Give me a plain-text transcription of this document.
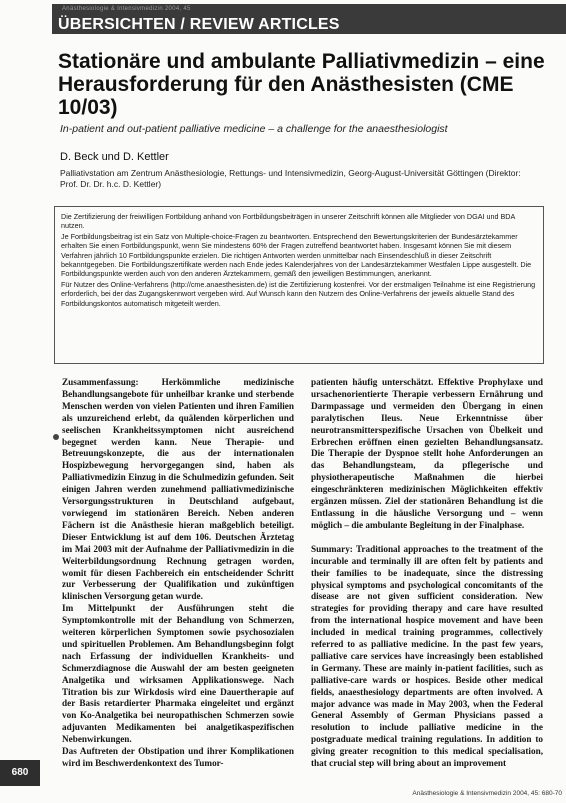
Anästhesiologie & Intensivmedizin 2004, 45
ÜBERSICHTEN / REVIEW ARTICLES
Stationäre und ambulante Palliativmedizin – eine Herausforderung für den Anästhesisten (CME 10/03)

In-patient and out-patient palliative medicine – a challenge for the anaesthesiologist

D. Beck und D. Kettler
Palliativstation am Zentrum Anästhesiologie, Rettungs- und Intensivmedizin, Georg-August-Universität Göttingen (Direktor: Prof. Dr. Dr. h.c. D. Kettler)

Die Zertifizierung der freiwilligen Fortbildung anhand von Fortbildungsbeiträgen in unserer Zeitschrift können alle Mitglieder von DGAI und BDA nutzen.

Je Fortbildungsbeitrag ist ein Satz von Multiple-choice-Fragen zu beantworten. Entsprechend den Bewertungskriterien der Bundesärztekammer erhalten Sie einen Fortbildungspunkt, wenn Sie mindestens 60% der Fragen zutreffend beantwortet haben. Insgesamt können Sie mit diesem Verfahren jährlich 10 Fortbildungspunkte erzielen. Die richtigen Antworten werden unmittelbar nach Einsendeschluß in dieser Zeitschrift bekanntgegeben. Die Fortbildungszertifikate werden nach Ende jedes Kalenderjahres von der Landesärztekammer Westfalen Lippe ausgestellt. Die Fortbildungspunkte werden auch von den anderen Ärztekammern, gemäß den jeweiligen Bestimmungen, anerkannt.

Für Nutzer des Online-Verfahrens (http://cme.anaesthesisten.de) ist die Zertifizierung kostenfrei. Vor der erstmaligen Teilnahme ist eine Registrierung erforderlich, bei der das Zugangskennwort vergeben wird. Auf Wunsch kann den Nutzern des Online-Verfahrens der jeweils aktuelle Stand des Fortbildungskontos automatisch mitgeteilt werden.

Zusammenfassung: Herkömmliche medizinische Behandlungsangebote für unheilbar kranke und sterbende Menschen werden von vielen Patienten und ihren Familien als unzureichend erlebt, da quälenden körperlichen und seelischen Krankheitssymptomen nicht ausreichend begegnet werden kann. Neue Therapie- und Betreuungskonzepte, die aus der internationalen Hospizbewegung hervorgegangen sind, haben als Palliativmedizin Einzug in die Schulmedizin gefunden. Seit einigen Jahren werden zunehmend palliativmedizinische Versorgungsstrukturen in Deutschland aufgebaut, vorwiegend im stationären Bereich. Neben anderen Fächern ist die Anästhesie hieran maßgeblich beteiligt. Dieser Entwicklung ist auf dem 106. Deutschen Ärztetag im Mai 2003 mit der Aufnahme der Palliativmedizin in die Weiterbildungsordnung Rechnung getragen worden, womit für diesen Fachbereich ein entscheidender Schritt zur Verbesserung der Qualifikation und zukünftigen klinischen Versorgung getan wurde.

Im Mittelpunkt der Ausführungen steht die Symptomkontrolle mit der Behandlung von Schmerzen, weiteren körperlichen Symptomen sowie psychosozialen und spirituellen Problemen. Am Behandlungsbeginn folgt nach Erfassung der individuellen Krankheits- und Schmerzdiagnose die Auswahl der am besten geeigneten Analgetika und wirksamen Applikationswege. Nach Titration bis zur Wirkdosis wird eine Dauertherapie auf der Basis retardierter Pharmaka eingeleitet und ergänzt von Ko-Analgetika bei neuropathischen Schmerzen sowie adjuvanten Medikamenten bei analgetikaspezifischen Nebenwirkungen.

Das Auftreten der Obstipation und ihrer Komplikationen wird im Beschwerdenkontext des Tumor-

patienten häufig unterschätzt. Effektive Prophylaxe und ursachenorientierte Therapie verbessern Ernährung und Darmpassage und vermeiden den Übergang in einen paralytischen Ileus. Neue Erkenntnisse über neurotransmitterspezifische Ursachen von Übelkeit und Erbrechen eröffnen einen gezielten Behandlungsansatz. Die Therapie der Dyspnoe stellt hohe Anforderungen an das Behandlungsteam, da pflegerische und physiotherapeutische Maßnahmen die hierbei eingeschränkteren medizinischen Möglichkeiten effektiv ergänzen müssen. Ziel der stationären Behandlung ist die Entlassung in die häusliche Versorgung und – wenn möglich – die ambulante Begleitung in der Finalphase.

Summary: Traditional approaches to the treatment of the incurable and terminally ill are often felt by patients and their families to be inadequate, since the distressing physical symptoms and psychological concomitants of the disease are not given sufficient consideration. New strategies for providing therapy and care have resulted from the international hospice movement and have been included in medical training programmes, collectively referred to as palliative medicine. In the past few years, palliative care services have increasingly been established in Germany. These are mainly in-patient facilities, such as palliative-care wards or hospices. Beside other medical fields, anaesthesiology departments are often involved. A major advance was made in May 2003, when the Federal General Assembly of German Physicians passed a resolution to include palliative medicine in the postgraduate medical training regulations. In addition to giving greater recognition to this medical specialisation, that crucial step will bring about an improvement

680
Anästhesiologie & Intensivmedizin 2004, 45: 680-70
